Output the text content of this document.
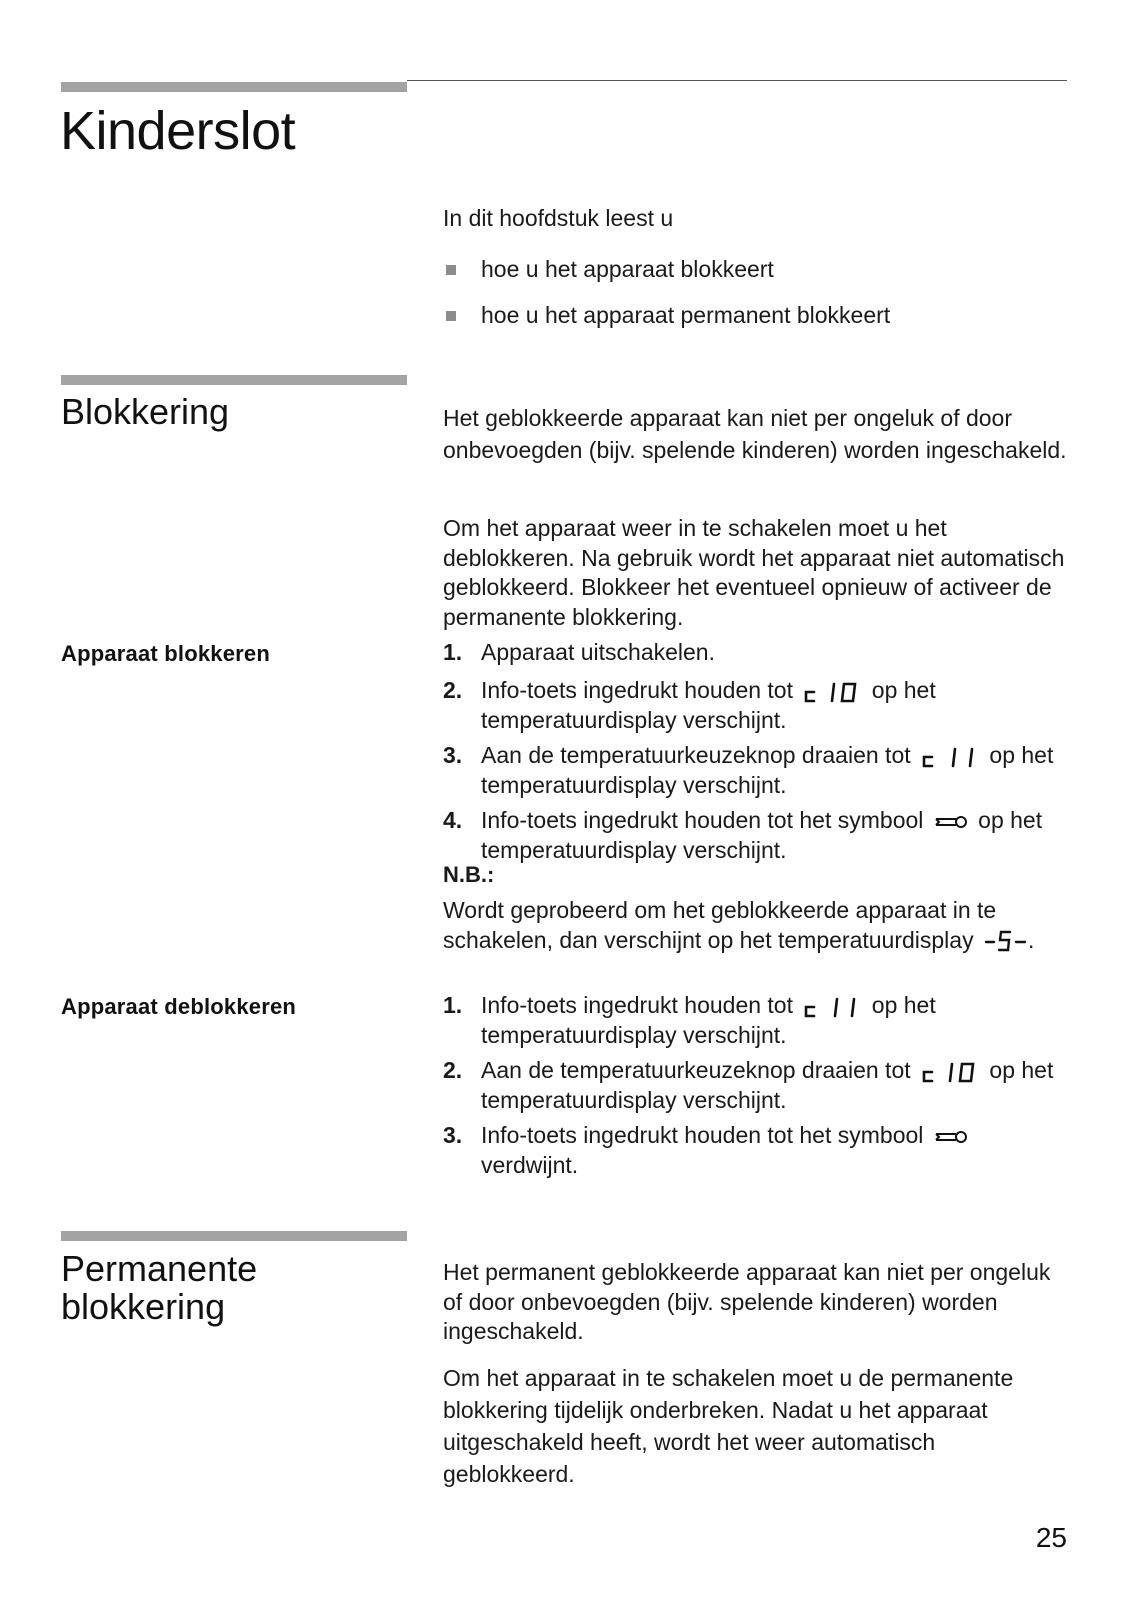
Kinderslot

In dit hoofdstuk leest u

hoe u het apparaat blokkeert
hoe u het apparaat permanent blokkeert
Blokkering	Het geblokkeerde apparaat kan niet per ongeluk of door onbevoegden (bijv. spelende kinderen) worden ingeschakeld.

Om het apparaat weer in te schakelen moet u het deblokkeren. Na gebruik wordt het apparaat niet automatisch geblokkeerd. Blokkeer het eventueel opnieuw of activeer de permanente blokkering.

Apparaat blokkeren	1. Apparaat uitschakelen.
2. Info-toets ingedrukt houden tot	op het temperatuurdisplay verschijnt.
3. Aan de temperatuurkeuzeknop draaien tot	op het temperatuurdisplay verschijnt.
4. Info-toets ingedrukt houden tot het symbool op het temperatuurdisplay verschijnt.
N.B.:

Wordt geprobeerd om het geblokkeerde apparaat in te schakelen, dan verschijnt op het temperatuurdisplay .

Apparaat deblokkeren	1. Info-toets ingedrukt houden tot	op het temperatuurdisplay verschijnt.
2. Aan de temperatuurkeuzeknop draaien tot	op het temperatuurdisplay verschijnt.
3. Info-toets ingedrukt houden tot het symbool
verdwijnt.
Permanente blokkering

Het permanent geblokkeerde apparaat kan niet per ongeluk of door onbevoegden (bijv. spelende kinderen) worden ingeschakeld.

Om het apparaat in te schakelen moet u de permanente blokkering tijdelijk onderbreken. Nadat u het apparaat uitgeschakeld heeft, wordt het weer automatisch geblokkeerd.

25
